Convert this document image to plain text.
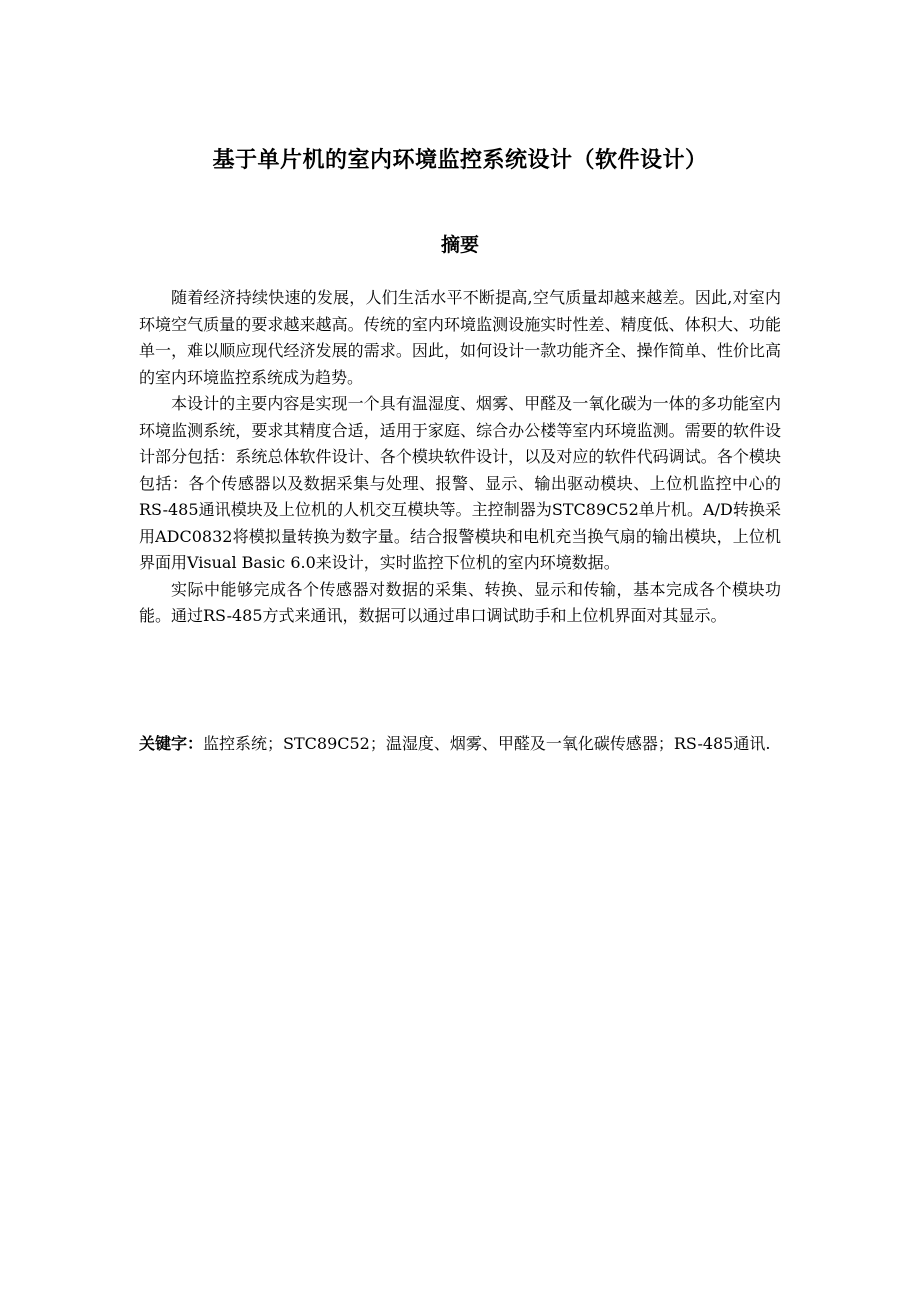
基于单片机的室内环境监控系统设计（软件设计）
摘要

随着经济持续快速的发展，人们生活水平不断提高,空气质量却越来越差。因此,对室内环境空气质量的要求越来越高。传统的室内环境监测设施实时性差、精度低、体积大、功能单一，难以顺应现代经济发展的需求。因此，如何设计一款功能齐全、操作简单、性价比高的室内环境监控系统成为趋势。

本设计的主要内容是实现一个具有温湿度、烟雾、甲醛及一氧化碳为一体的多功能室内环境监测系统，要求其精度合适，适用于家庭、综合办公楼等室内环境监测。需要的软件设计部分包括：系统总体软件设计、各个模块软件设计，以及对应的软件代码调试。各个模块包括：各个传感器以及数据采集与处理、报警、显示、输出驱动模块、上位机监控中心的RS-485通讯模块及上位机的人机交互模块等。主控制器为STC89C52单片机。A/D转换采用ADC0832将模拟量转换为数字量。结合报警模块和电机充当换气扇的输出模块，上位机界面用Visual Basic 6.0来设计，实时监控下位机的室内环境数据。

实际中能够完成各个传感器对数据的采集、转换、显示和传输，基本完成各个模块功能。通过RS-485方式来通讯，数据可以通过串口调试助手和上位机界面对其显示。

关键字：监控系统；STC89C52；温湿度、烟雾、甲醛及一氧化碳传感器；RS-485通讯.
